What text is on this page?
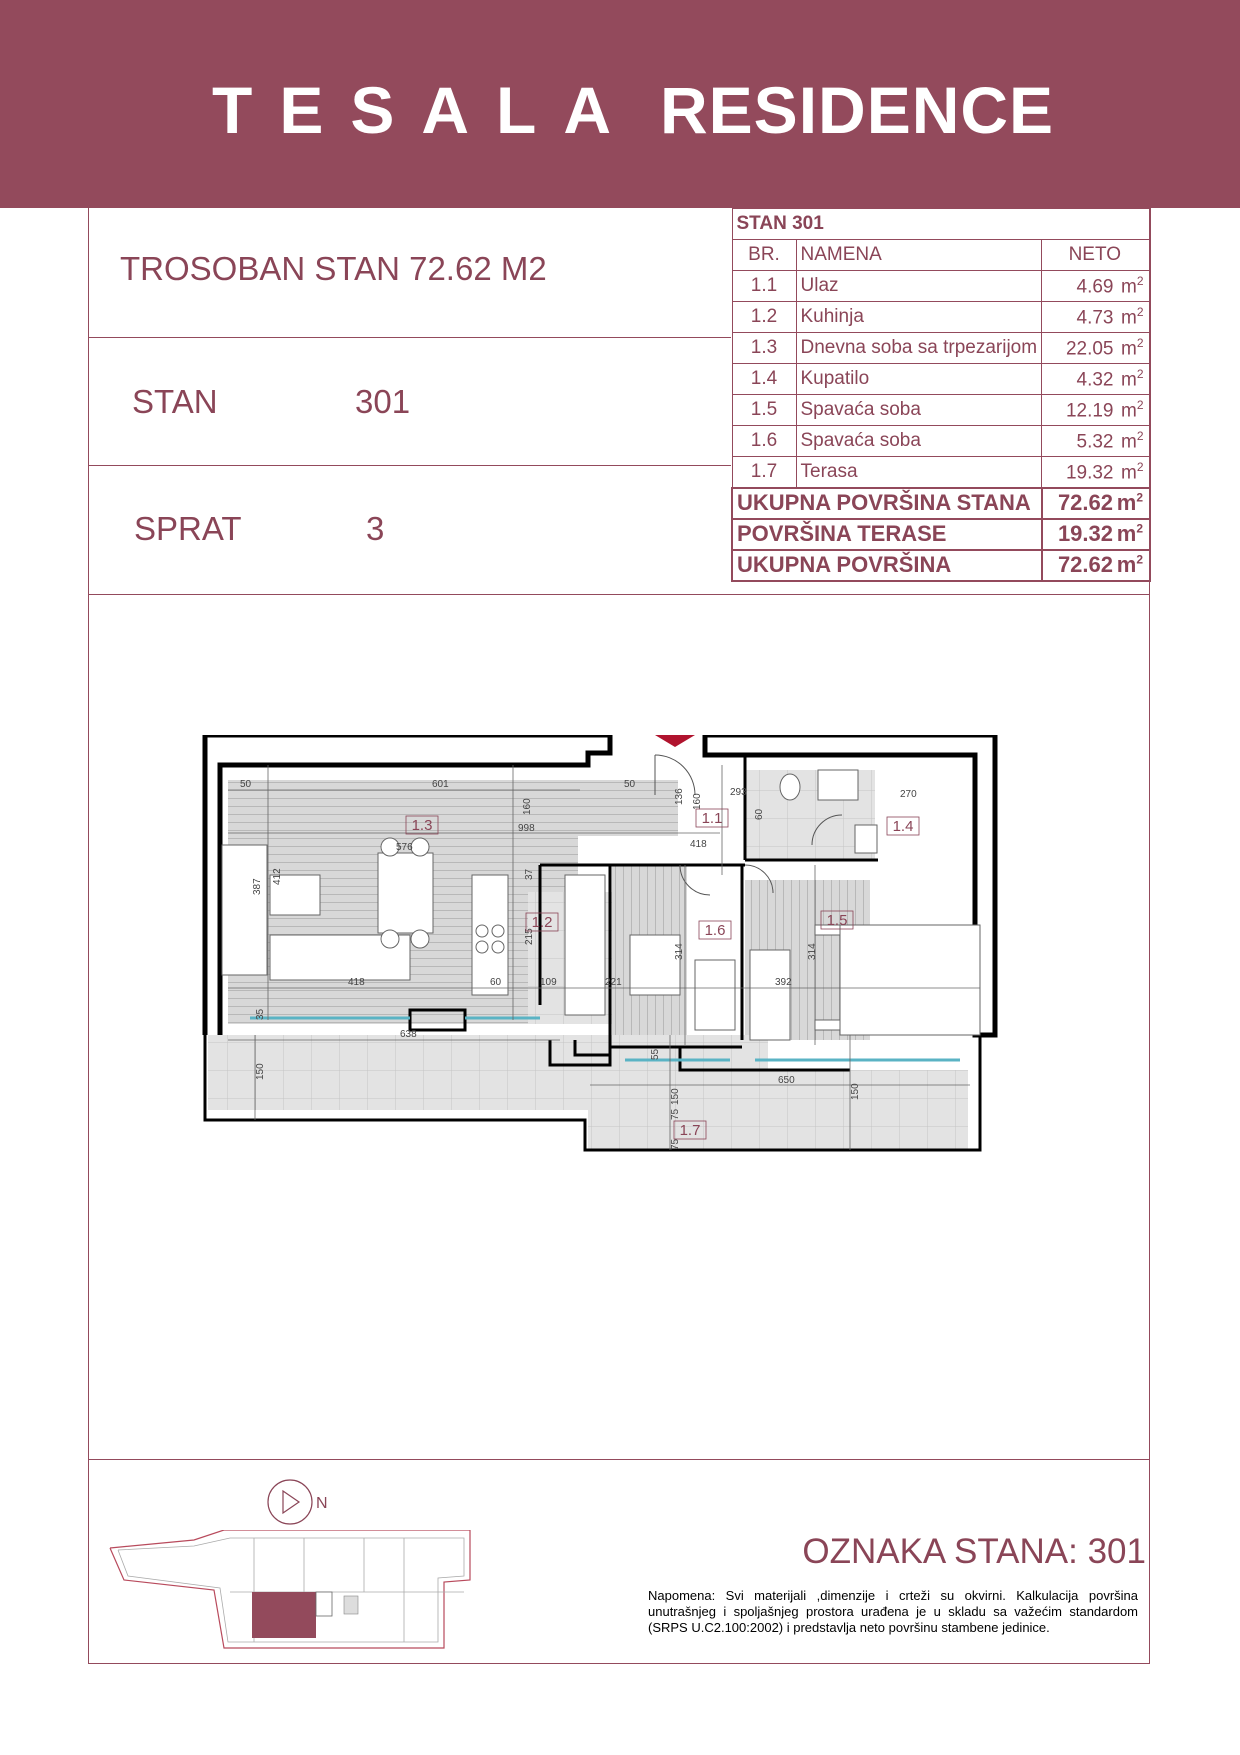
TESALA RESIDENCE
TROSOBAN STAN 72.62 M2
STAN	301
SPRAT	3
STAN 301		
BR.	NAMENA	NETO
1.1	Ulaz	4.69 $m^2$
1.2	Kuhinja	4.73 $m^2$
1.3	Dnevna soba sa trpezarijom	22.05 $m^2$
1.4	Kupatilo	4.32 $m^2$
1.5	Spavaća soba	12.19 $m^2$
1.6	Spavaća soba	5.32 $m^2$
1.7	Terasa	19.32 $m^2$
UKUPNA POVRŠINA STANA		72.62 $m^2$
POVRŠINA TERASE		19.32 $m^2$
UKUPNA POVRŠINA		72.62 $m^2$
601
50	50
293	270
998
576
412
387
160
136 160
418
37
215
314	314
418	60	109	221	392
638
150
650
75
150	150
75
60
35
55
1.3	1.1	1.4
1.2	1.6
1.5
1.7
N
OZNAKA STANA: 301
Napomena: Svi materijali ,dimenzije i crteži su okvirni. Kalkulacija površina unutrašnjeg i spoljašnjeg prostora urađena je u skladu sa važećim standardom (SRPS U.C2.100:2002) i predstavlja neto površinu stambene jedinice.
